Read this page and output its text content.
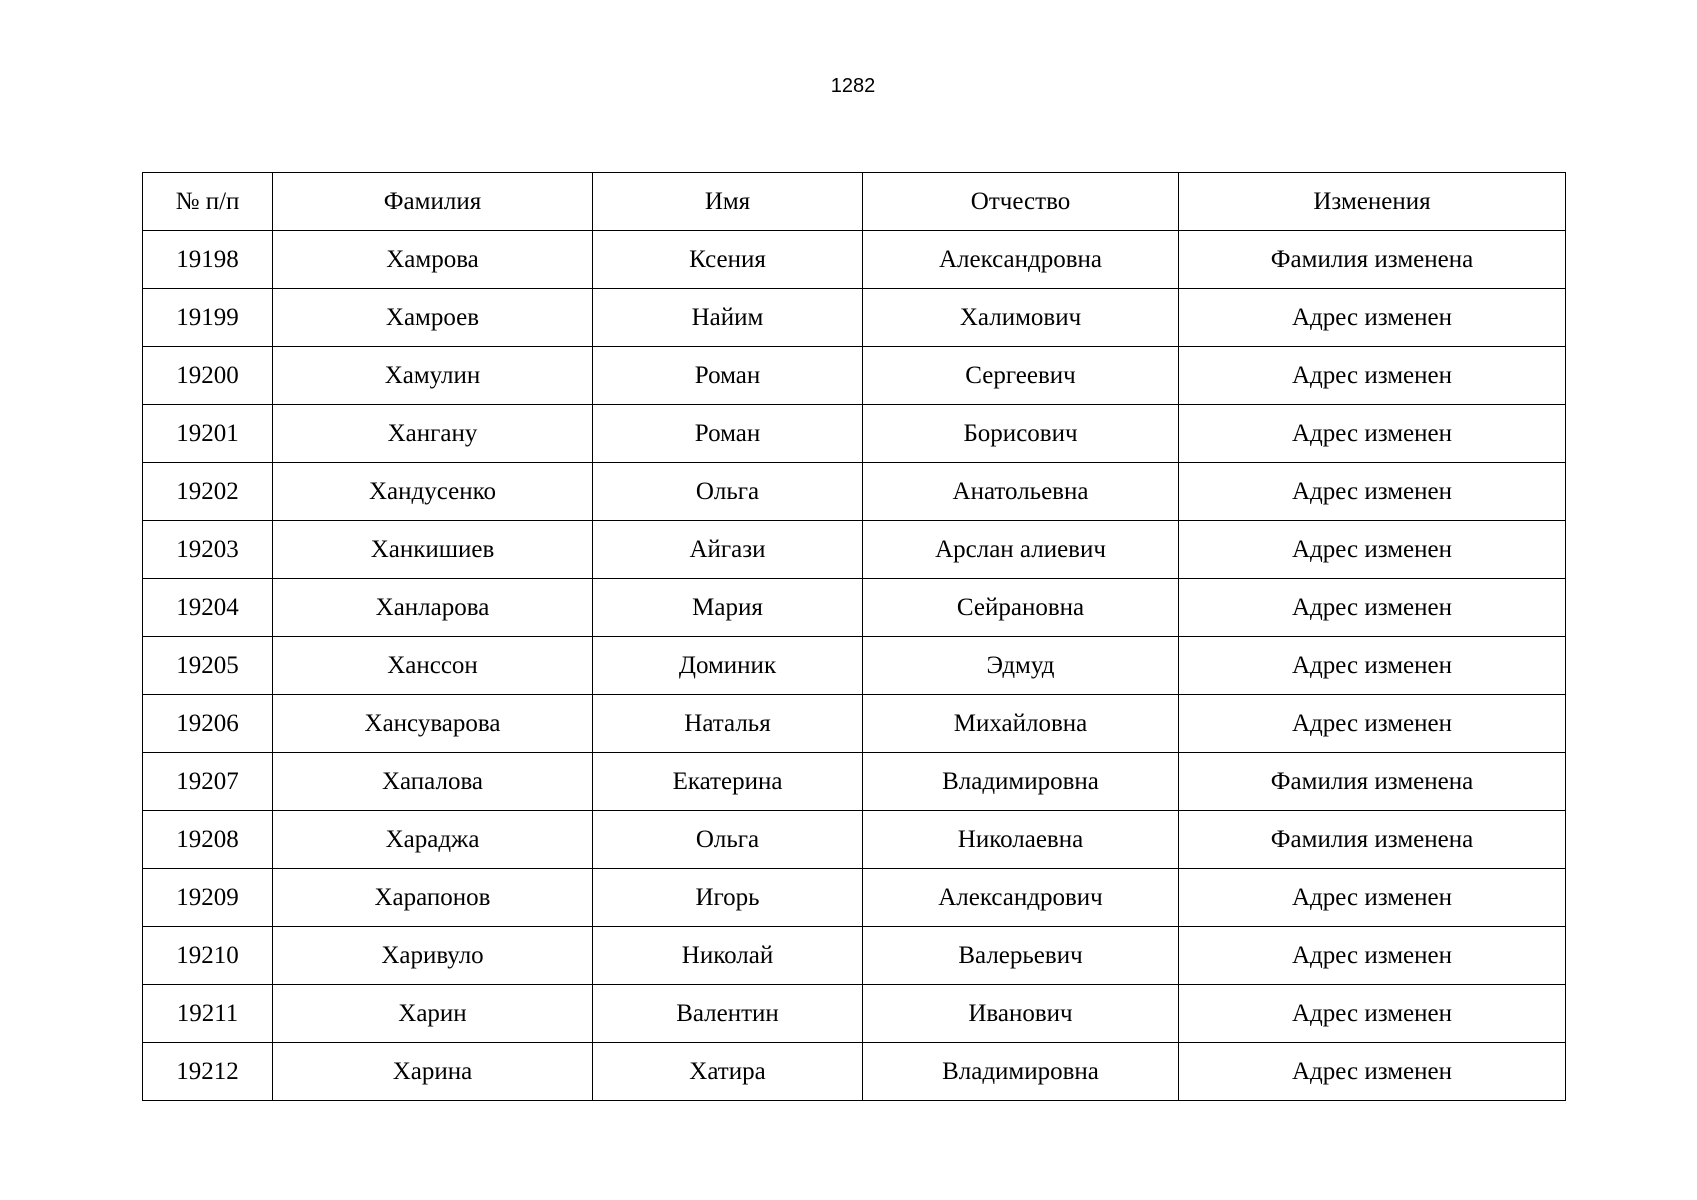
1282
№ п/п	Фамилия	Имя	Отчество	Изменения
19198	Хамрова	Ксения	Александровна	Фамилия изменена
19199	Хамроев	Найим	Халимович	Адрес изменен
19200	Хамулин	Роман	Сергеевич	Адрес изменен
19201	Хангану	Роман	Борисович	Адрес изменен
19202	Хандусенко	Ольга	Анатольевна	Адрес изменен
19203	Ханкишиев	Айгази	Арслан алиевич	Адрес изменен
19204	Ханларова	Мария	Сейрановна	Адрес изменен
19205	Ханссон	Доминик	Эдмуд	Адрес изменен
19206	Хансуварова	Наталья	Михайловна	Адрес изменен
19207	Хапалова	Екатерина	Владимировна	Фамилия изменена
19208	Хараджа	Ольга	Николаевна	Фамилия изменена
19209	Харапонов	Игорь	Александрович	Адрес изменен
19210	Харивуло	Николай	Валерьевич	Адрес изменен
19211	Харин	Валентин	Иванович	Адрес изменен
19212	Харина	Хатира	Владимировна	Адрес изменен
